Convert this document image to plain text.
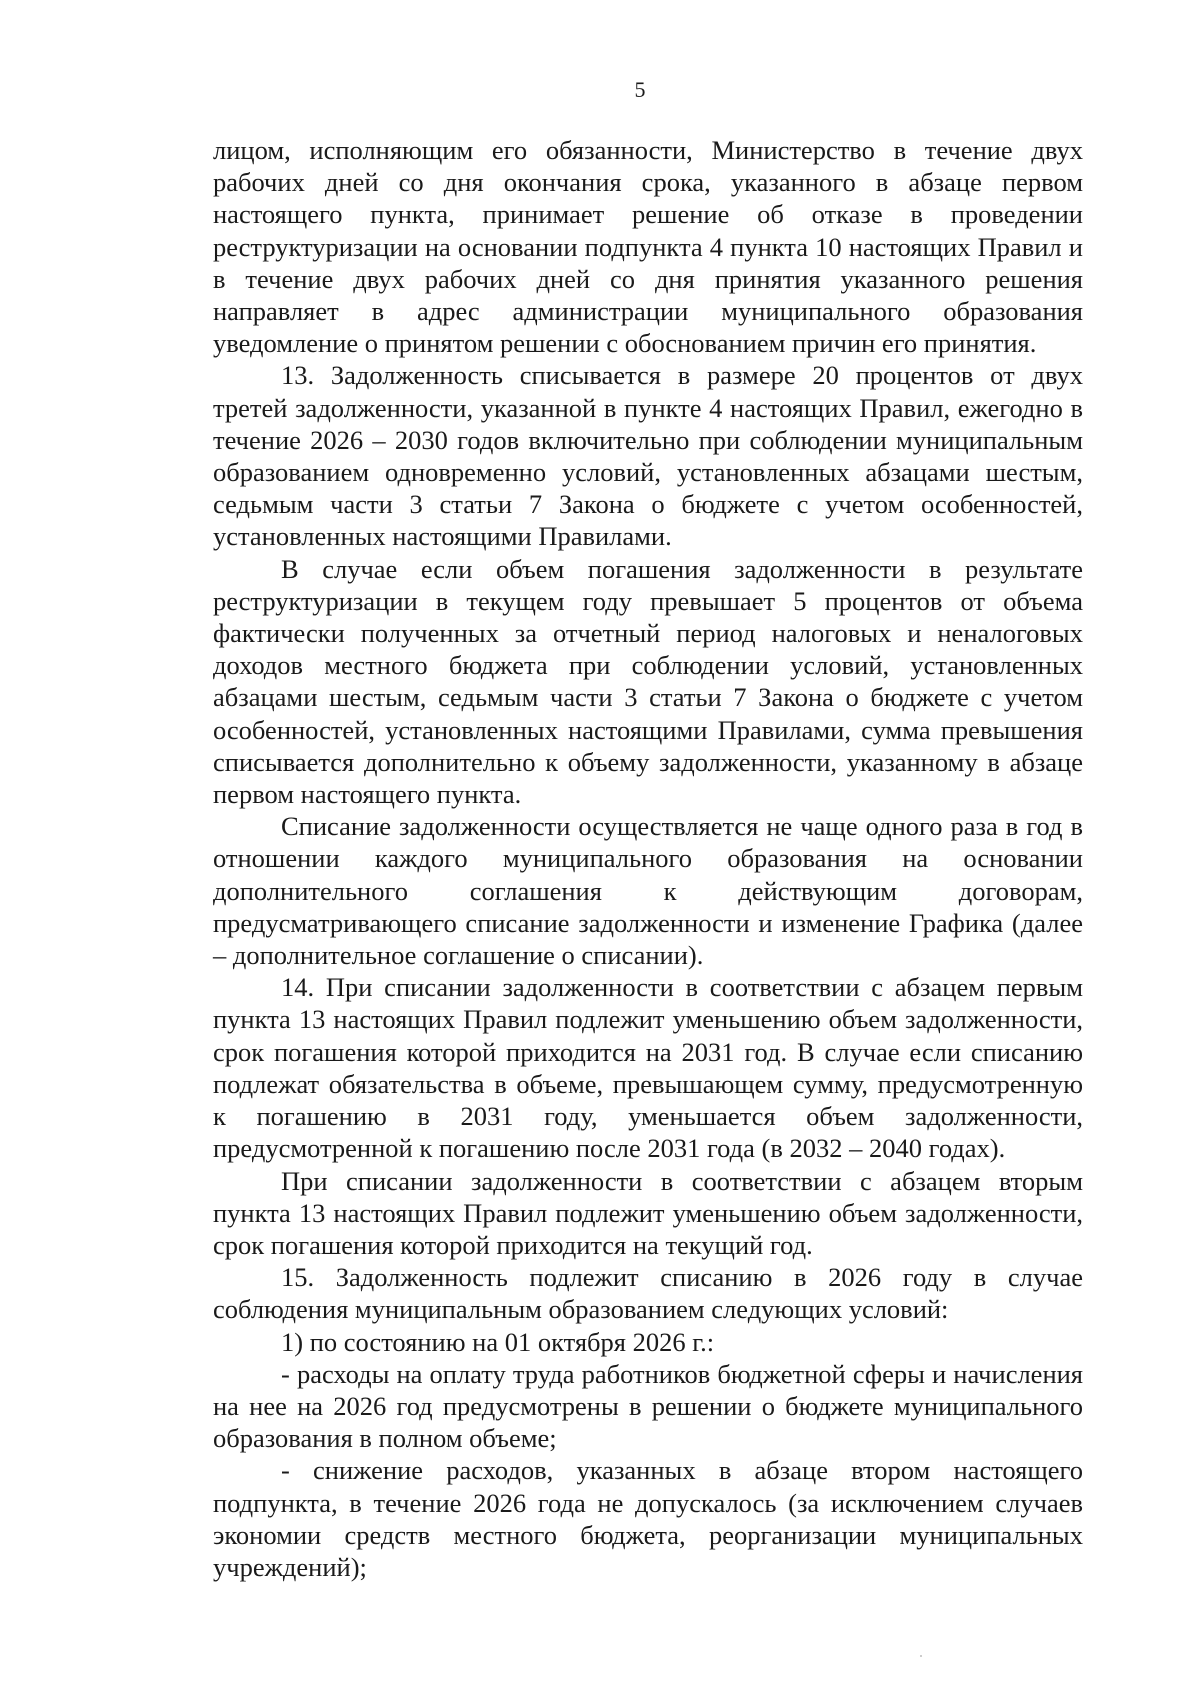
5

лицом, исполняющим его обязанности, Министерство в течение двух рабочих дней со дня окончания срока, указанного в абзаце первом настоящего пункта, принимает решение об отказе в проведении реструктуризации на основании подпункта 4 пункта 10 настоящих Правил и в течение двух рабочих дней со дня принятия указанного решения направляет в адрес администрации муниципального образования уведомление о принятом решении с обоснованием причин его принятия.

13. Задолженность списывается в размере 20 процентов от двух третей задолженности, указанной в пункте 4 настоящих Правил, ежегодно в течение 2026 – 2030 годов включительно при соблюдении муниципальным образованием одновременно условий, установленных абзацами шестым, седьмым части 3 статьи 7 Закона о бюджете с учетом особенностей, установленных настоящими Правилами.

В случае если объем погашения задолженности в результате реструктуризации в текущем году превышает 5 процентов от объема фактически полученных за отчетный период налоговых и неналоговых доходов местного бюджета при соблюдении условий, установленных абзацами шестым, седьмым части 3 статьи 7 Закона о бюджете с учетом особенностей, установленных настоящими Правилами, сумма превышения списывается дополнительно к объему задолженности, указанному в абзаце первом настоящего пункта.

Списание задолженности осуществляется не чаще одного раза в год в отношении каждого муниципального образования на основании дополнительного соглашения к действующим договорам, предусматривающего списание задолженности и изменение Графика (далее – дополнительное соглашение о списании).

14. При списании задолженности в соответствии с абзацем первым пункта 13 настоящих Правил подлежит уменьшению объем задолженности, срок погашения которой приходится на 2031 год. В случае если списанию подлежат обязательства в объеме, превышающем сумму, предусмотренную к погашению в 2031 году, уменьшается объем задолженности, предусмотренной к погашению после 2031 года (в 2032 – 2040 годах).

При списании задолженности в соответствии с абзацем вторым пункта 13 настоящих Правил подлежит уменьшению объем задолженности, срок погашения которой приходится на текущий год.

15. Задолженность подлежит списанию в 2026 году в случае соблюдения муниципальным образованием следующих условий:

1) по состоянию на 01 октября 2026 г.:

- расходы на оплату труда работников бюджетной сферы и начисления на нее на 2026 год предусмотрены в решении о бюджете муниципального образования в полном объеме;

- снижение расходов, указанных в абзаце втором настоящего подпункта, в течение 2026 года не допускалось (за исключением случаев экономии средств местного бюджета, реорганизации муниципальных учреждений);
